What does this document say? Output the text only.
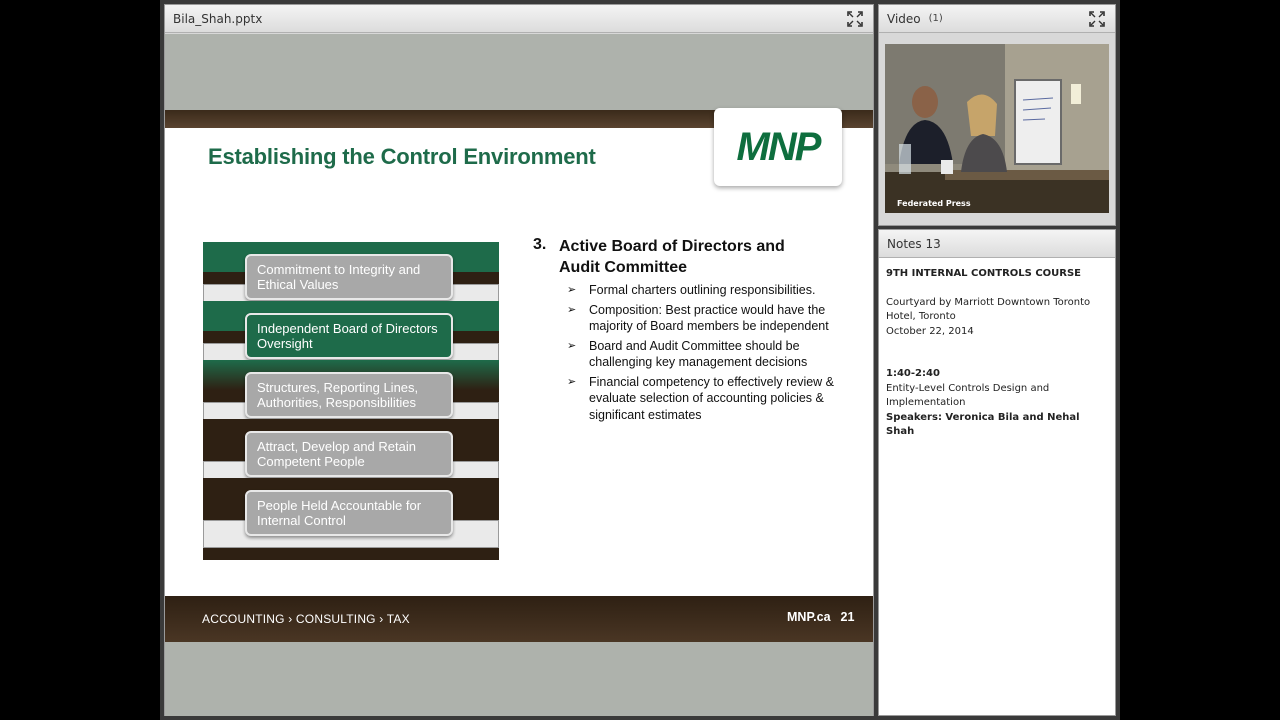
Bila_Shah.pptx
Establishing the Control Environment	MNP
Commitment to Integrity and Ethical Values
Independent Board of Directors Oversight
Structures, Reporting Lines, Authorities, Responsibilities
Attract, Develop and Retain Competent People
People Held Accountable for Internal Control
3. Active Board of Directors and Audit Committee
➢ Formal charters outlining responsibilities.
➢ Composition: Best practice would have the majority of Board members be independent
➢ Board and Audit Committee should be challenging key management decisions
➢ Financial competency to effectively review & evaluate selection of accounting policies & significant estimates
ACCOUNTING › CONSULTING › TAX	MNP.ca 21
Video (1)
Federated Press
Notes 13

9TH INTERNAL CONTROLS COURSE

Courtyard by Marriott Downtown Toronto

Hotel, Toronto

October 22, 2014

1:40-2:40

Entity-Level Controls Design and

Implementation

Speakers: Veronica Bila and Nehal Shah
